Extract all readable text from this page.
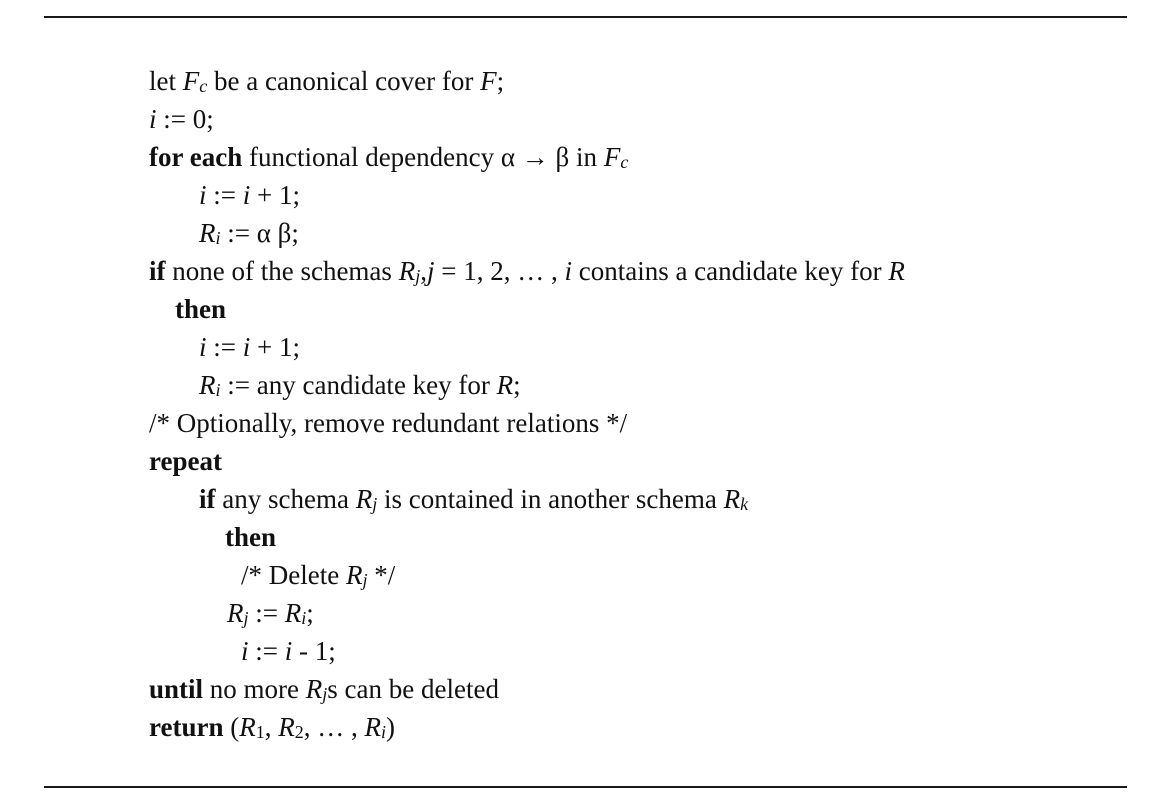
let $F_c$ be a canonical cover for F;
i := 0;
for each functional dependency α → β in $F_c$
i := i + 1;
$R_i$ := α β;
if none of the schemas $R_j,j = 1$, 2, … , i contains a candidate key for R
then
i := i + 1;
$R_i$ := any candidate key for R;
/* Optionally, remove redundant relations */
repeat
if any schema $R_j$ is contained in another schema $R_k$
then
/* Delete $R_j$ */
$R_j$ := $R_i$;
i := i - 1;
until no more $R_js$ can be deleted
return ($R_1$, $R_2$, … , $R_i$)
